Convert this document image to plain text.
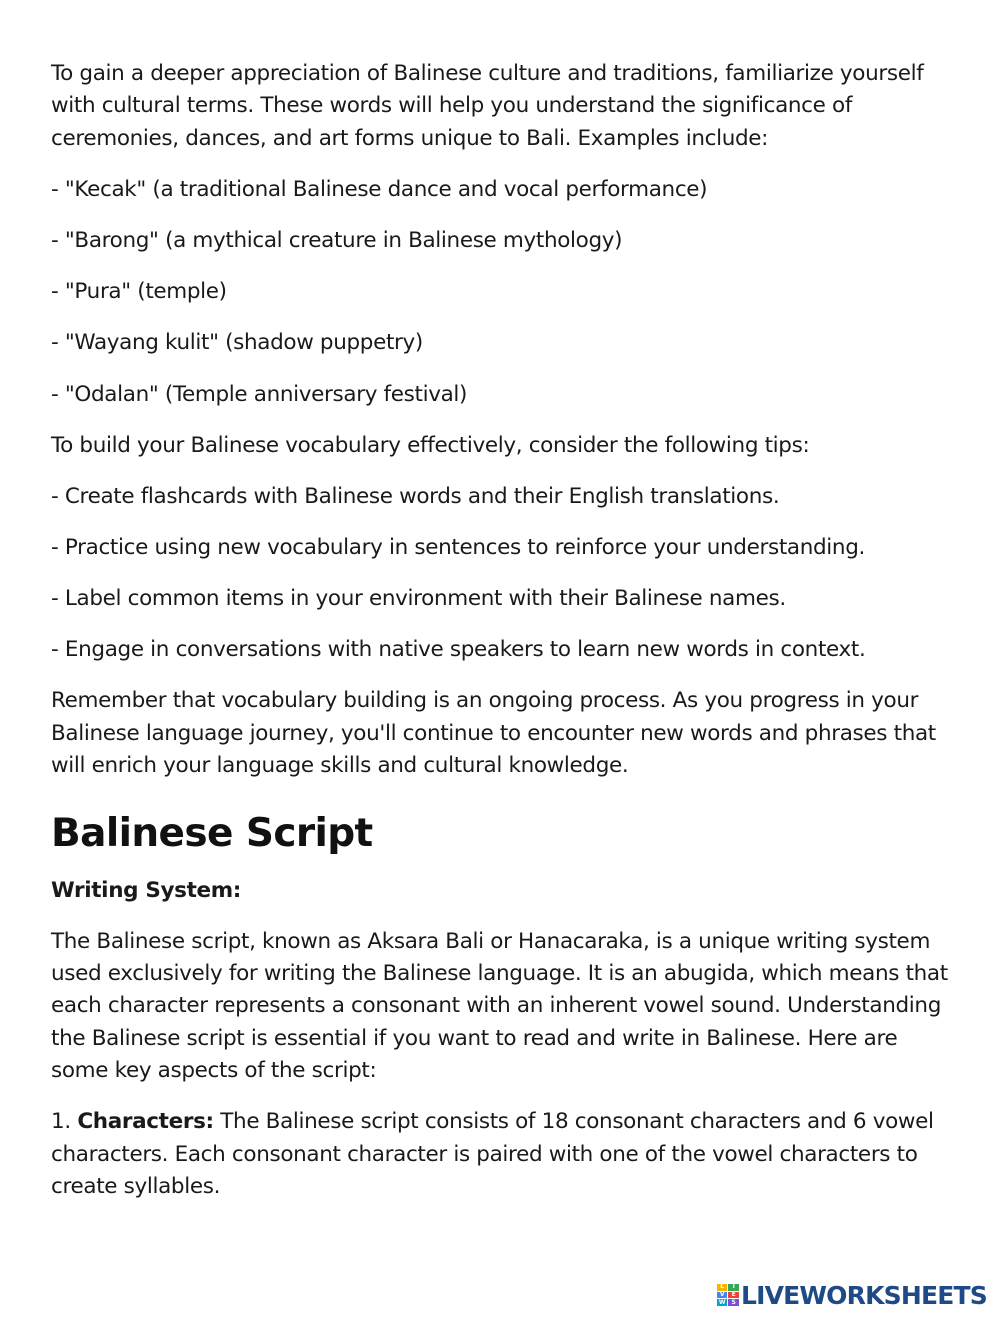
To gain a deeper appreciation of Balinese culture and traditions, familiarize yourself with cultural terms. These words will help you understand the significance of ceremonies, dances, and art forms unique to Bali. Examples include:

- "Kecak" (a traditional Balinese dance and vocal performance)

- "Barong" (a mythical creature in Balinese mythology)

- "Pura" (temple)

- "Wayang kulit" (shadow puppetry)

- "Odalan" (Temple anniversary festival)

To build your Balinese vocabulary effectively, consider the following tips:

- Create flashcards with Balinese words and their English translations.

- Practice using new vocabulary in sentences to reinforce your understanding.

- Label common items in your environment with their Balinese names.

- Engage in conversations with native speakers to learn new words in context.

Remember that vocabulary building is an ongoing process. As you progress in your Balinese language journey, you'll continue to encounter new words and phrases that will enrich your language skills and cultural knowledge.

Balinese Script

Writing System:

The Balinese script, known as Aksara Bali or Hanacaraka, is a unique writing system used exclusively for writing the Balinese language. It is an abugida, which means that each character represents a consonant with an inherent vowel sound. Understanding the Balinese script is essential if you want to read and write in Balinese. Here are some key aspects of the script:

1. Characters: The Balinese script consists of 18 consonant characters and 6 vowel characters. Each consonant character is paired with one of the vowel characters to create syllables.

L	I
V	E
W	S LIVEWORKSHEETS
